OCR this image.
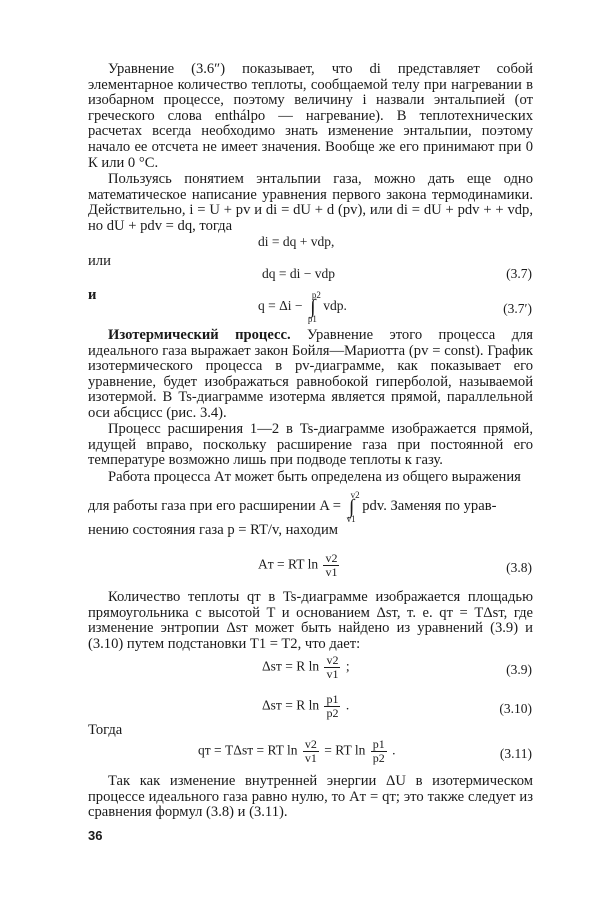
Уравнение (3.6″) показывает, что di представляет собой элементарное количество теплоты, сообщаемой телу при нагревании в изобарном процессе, поэтому величину i назвали энтальпией (от греческого слова enthálpo — нагревание). В теплотехнических расчетах всегда необходимо знать изменение энтальпии, поэтому начало ее отсчета не имеет значения. Вообще же его принимают при 0 К или 0 °С.
Пользуясь понятием энтальпии газа, можно дать еще одно математическое написание уравнения первого закона термодинамики. Действительно, i = U + pv и di = dU + d (pv), или di = dU + pdv + + vdp, но dU + pdv = dq, тогда
di = dq + vdp,
или
dq = di − vdp	(3.7)
и
q = Δi − ∫
p2
p1
vdp.	(3.7′)
Изотермический процесс. Уравнение этого процесса для идеального газа выражает закон Бойля—Мариотта (pv = const). График изотермического процесса в pv-диаграмме, как показывает его уравнение, будет изображаться равнобокой гиперболой, называемой изотермой. В Ts-диаграмме изотерма является прямой, параллельной оси абсцисс (рис. 3.4).
Процесс расширения 1—2 в Ts-диаграмме изображается прямой, идущей вправо, поскольку расширение газа при постоянной его температуре возможно лишь при подводе теплоты к газу.
Работа процесса Aт может быть определена из общего выражения
для работы газа при его расширении A = ∫
v2
v1
pdv. Заменяя по урав-
нению состояния газа p = RT/v, находим
Aт = RT $\ln \frac{v2}{v1}$	(3.8)
Количество теплоты qт в Ts-диаграмме изображается площадью прямоугольника с высотой T и основанием Δsт, т. е. qт = TΔsт, где изменение энтропии Δsт может быть найдено из уравнений (3.9) и (3.10) путем подстановки T1 = T2, что дает:
Δsт = R $\ln \frac{v2}{v1}$ ;	(3.9)
Δsт = R $\ln \frac{p1}{p2}$ .	(3.10)
Тогда
qт = TΔsт = RT $\ln \frac{v2}{v1}$ = RT $\ln \frac{p1}{p2}$ .	(3.11)
Так как изменение внутренней энергии ΔU в изотермическом процессе идеального газа равно нулю, то Aт = qт; это также следует из сравнения формул (3.8) и (3.11).
36
